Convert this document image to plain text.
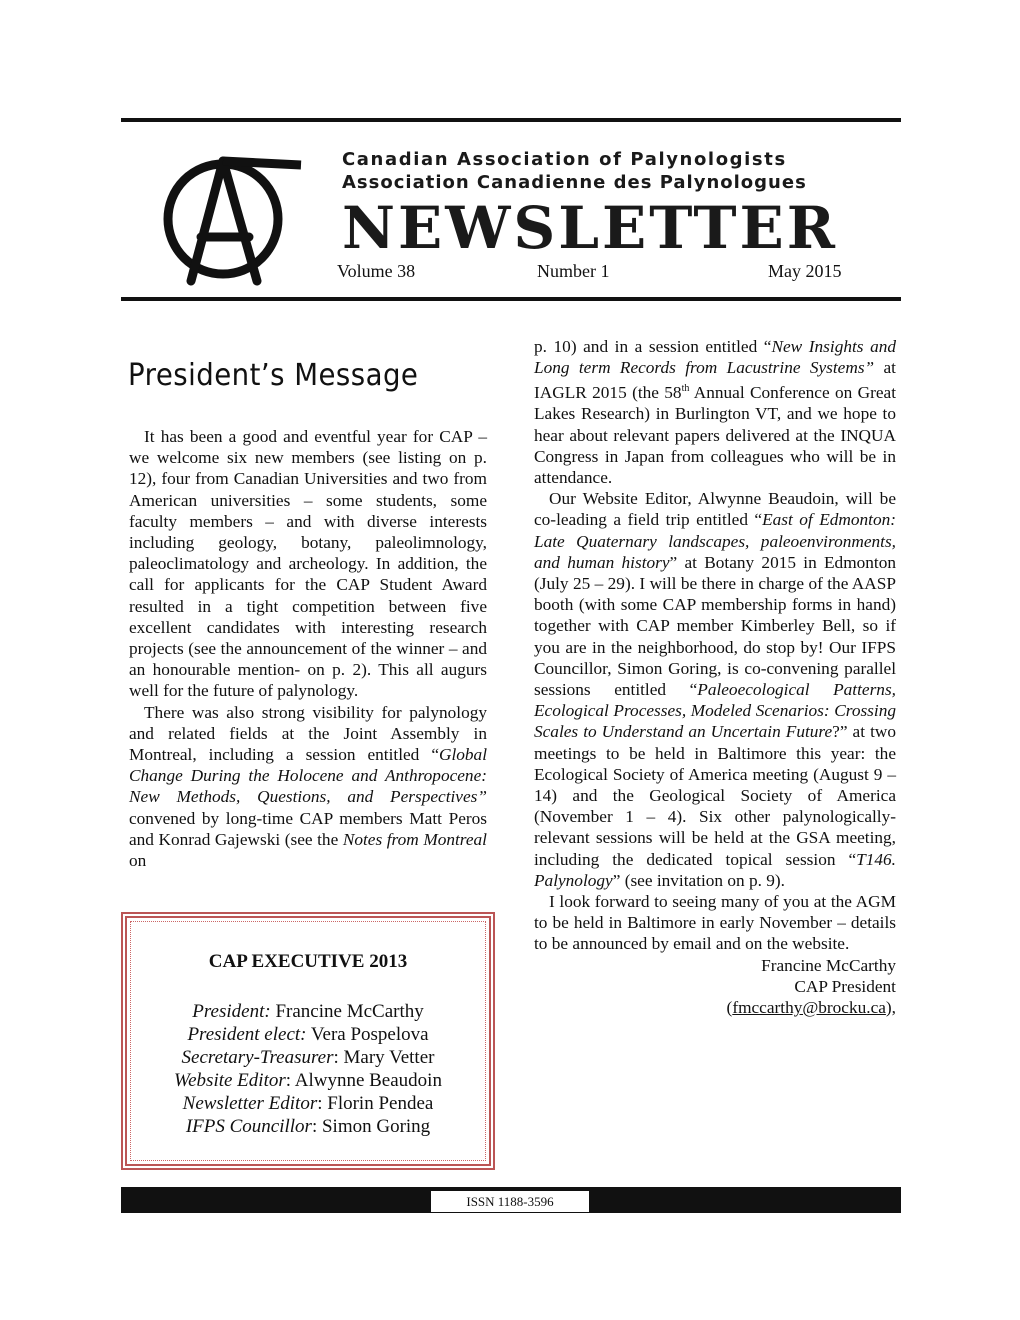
Canadian Association of Palynologists
Association Canadienne des Palynologues
NEWSLETTER
Volume 38	Number 1	May 2015
President’s Message

It has been a good and eventful year for CAP – we welcome six new members (see listing on p. 12), four from Canadian Universities and two from American universities – some students, some faculty members – and with diverse interests including geology, botany, paleolimnology, paleoclimatology and archeology. In addition, the call for applicants for the CAP Student Award resulted in a tight competition between five excellent candidates with interesting research projects (see the announcement of the winner – and an honourable mention- on p. 2). This all augurs well for the future of palynology.

There was also strong visibility for palynology and related fields at the Joint Assembly in Montreal, including a session entitled “Global Change During the Holocene and Anthropocene: New Methods, Questions, and Perspectives” convened by long-time CAP members Matt Peros and Konrad Gajewski (see the Notes from Montreal on

p. 10) and in a session entitled “New Insights and Long term Records from Lacustrine Systems” at IAGLR 2015 (the 58th Annual Conference on Great Lakes Research) in Burlington VT, and we hope to hear about relevant papers delivered at the INQUA Congress in Japan from colleagues who will be in attendance.

Our Website Editor, Alwynne Beaudoin, will be co-leading a field trip entitled “East of Edmonton: Late Quaternary landscapes, paleoenvironments, and human history” at Botany 2015 in Edmonton (July 25 – 29). I will be there in charge of the AASP booth (with some CAP membership forms in hand) together with CAP member Kimberley Bell, so if you are in the neighborhood, do stop by! Our IFPS Councillor, Simon Goring, is co-convening parallel sessions entitled “Paleoecological Patterns, Ecological Processes, Modeled Scenarios: Crossing Scales to Understand an Uncertain Future?” at two meetings to be held in Baltimore this year: the Ecological Society of America meeting (August 9 – 14) and the Geological Society of America (November 1 – 4). Six other palynologically-relevant sessions will be held at the GSA meeting, including the dedicated topical session “T146. Palynology” (see invitation on p. 9).

I look forward to seeing many of you at the AGM to be held in Baltimore in early November – details to be announced by email and on the website.

Francine McCarthy
CAP President
(fmccarthy@brocku.ca),
CAP EXECUTIVE 2013
President: Francine McCarthy
President elect: Vera Pospelova
Secretary-Treasurer: Mary Vetter
Website Editor: Alwynne Beaudoin
Newsletter Editor: Florin Pendea
IFPS Councillor: Simon Goring
ISSN 1188-3596
